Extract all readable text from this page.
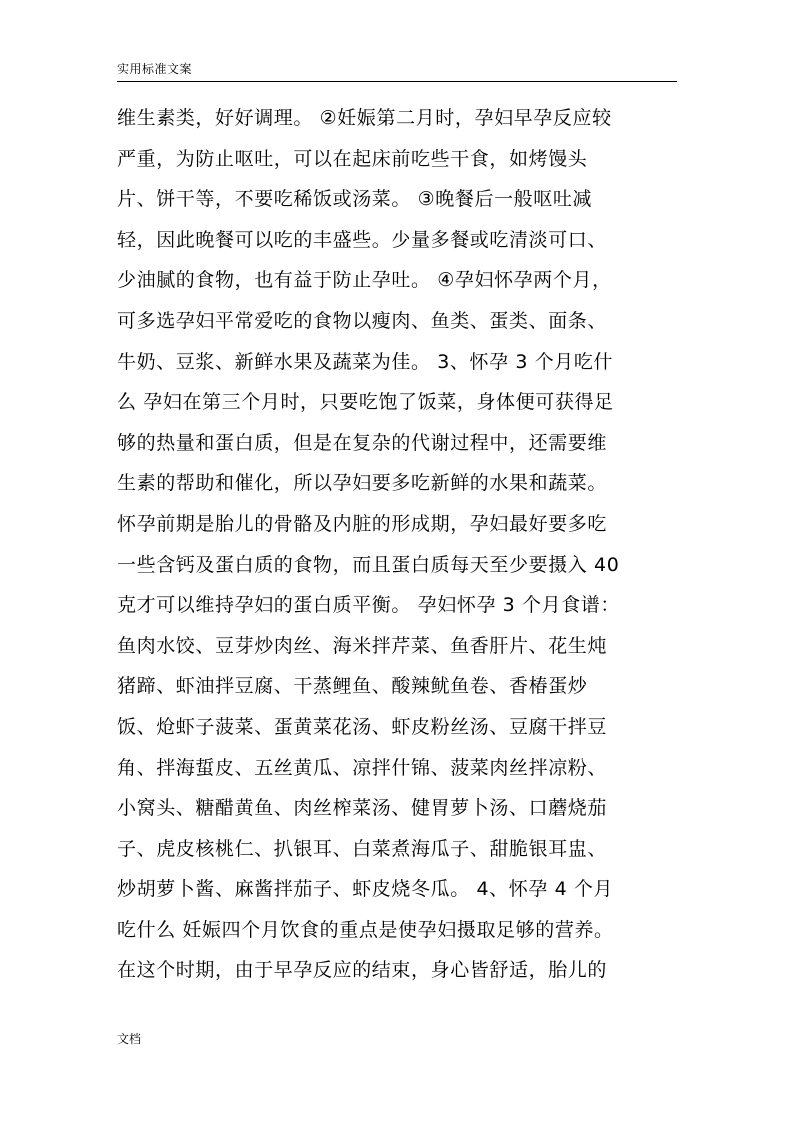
实用标准文案
维生素类，好好调理。 ②妊娠第二月时，孕妇早孕反应较
严重，为防止呕吐，可以在起床前吃些干食，如烤馒头
片、饼干等，不要吃稀饭或汤菜。 ③晚餐后一般呕吐减
轻，因此晚餐可以吃的丰盛些。少量多餐或吃清淡可口、
少油腻的食物，也有益于防止孕吐。 ④孕妇怀孕两个月，
可多选孕妇平常爱吃的食物以瘦肉、鱼类、蛋类、面条、
牛奶、豆浆、新鲜水果及蔬菜为佳。 3、怀孕 3 个月吃什
么 孕妇在第三个月时，只要吃饱了饭菜，身体便可获得足
够的热量和蛋白质，但是在复杂的代谢过程中，还需要维
生素的帮助和催化，所以孕妇要多吃新鲜的水果和蔬菜。
怀孕前期是胎儿的骨骼及内脏的形成期，孕妇最好要多吃
一些含钙及蛋白质的食物，而且蛋白质每天至少要摄入 40
克才可以维持孕妇的蛋白质平衡。 孕妇怀孕 3 个月食谱：
鱼肉水饺、豆芽炒肉丝、海米拌芹菜、鱼香肝片、花生炖
猪蹄、虾油拌豆腐、干蒸鲤鱼、酸辣鱿鱼卷、香椿蛋炒
饭、炝虾子菠菜、蛋黄菜花汤、虾皮粉丝汤、豆腐干拌豆
角、拌海蜇皮、五丝黄瓜、凉拌什锦、菠菜肉丝拌凉粉、
小窝头、糖醋黄鱼、肉丝榨菜汤、健胃萝卜汤、口蘑烧茄
子、虎皮核桃仁、扒银耳、白菜煮海瓜子、甜脆银耳盅、
炒胡萝卜酱、麻酱拌茄子、虾皮烧冬瓜。 4、怀孕 4 个月
吃什么 妊娠四个月饮食的重点是使孕妇摄取足够的营养。
在这个时期，由于早孕反应的结束，身心皆舒适，胎儿的
文档
